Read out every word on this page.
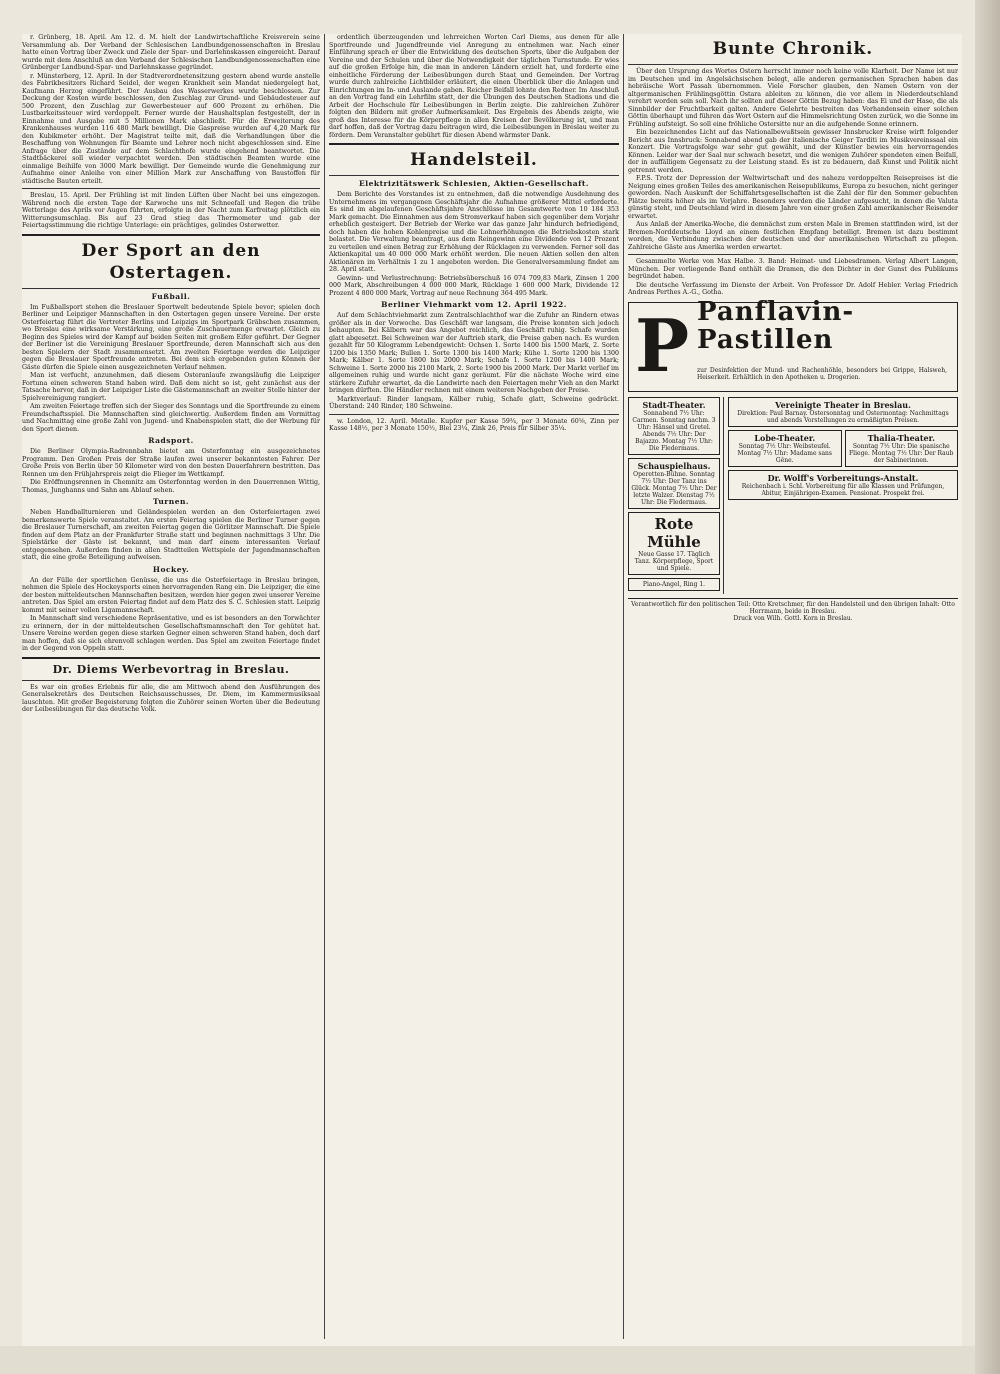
r. Grünberg, 18. April. Am 12. d. M. hielt der Landwirtschaftliche Kreisverein seine Versammlung ab. Der Verband der Schlesischen Landbundgenossenschaften in Breslau hatte einen Vortrag über Zweck und Ziele der Spar- und Darlehnskassen eingereicht. Darauf wurde mit dem Anschluß an den Verband der Schlesischen Landbundgenossenschaften eine Grünberger Landbund-Spar- und Darlehnskasse gegründet.

r. Münsterberg, 12. April. In der Stadtverordnetensitzung gestern abend wurde anstelle des Fabrikbesitzers Richard Seidel, der wegen Krankheit sein Mandat niedergelegt hat, Kaufmann Herzog eingeführt. Der Ausbau des Wasserwerkes wurde beschlossen. Zur Deckung der Kosten wurde beschlossen, den Zuschlag zur Grund- und Gebäudesteuer auf 500 Prozent, den Zuschlag zur Gewerbesteuer auf 600 Prozent zu erhöhen. Die Lustbarkeitssteuer wird verdoppelt. Ferner wurde der Haushaltsplan festgestellt, der in Einnahme und Ausgabe mit 5 Millionen Mark abschließt. Für die Erweiterung des Krankenhauses wurden 116 480 Mark bewilligt. Die Gaspreise wurden auf 4,20 Mark für den Kubikmeter erhöht. Der Magistrat teilte mit, daß die Verhandlungen über die Beschaffung von Wohnungen für Beamte und Lehrer noch nicht abgeschlossen sind. Eine Anfrage über die Zustände auf dem Schlachthofe wurde eingehend beantwortet. Die Stadtbäckerei soll wieder verpachtet werden. Den städtischen Beamten wurde eine einmalige Beihilfe von 3000 Mark bewilligt. Der Gemeinde wurde die Genehmigung zur Aufnahme einer Anleihe von einer Million Mark zur Anschaffung von Baustoffen für städtische Bauten erteilt.

Breslau, 15. April. Der Frühling ist mit linden Lüften über Nacht bei uns eingezogen. Während noch die ersten Tage der Karwoche uns mit Schneefall und Regen die trübe Wetterlage des Aprils vor Augen führten, erfolgte in der Nacht zum Karfreitag plötzlich ein Witterungsumschlag. Bis auf 23 Grad stieg das Thermometer und gab der Feiertagsstimmung die richtige Unterlage: ein prächtiges, gelindes Osterwetter.

Der Sport an den Ostertagen.
Fußball.

Im Fußballsport stehen die Breslauer Sportwelt bedeutende Spiele bevor; spielen doch Berliner und Leipziger Mannschaften in den Ostertagen gegen unsere Vereine. Der erste Osterfeiertag führt die Vertreter Berlins und Leipzigs im Sportpark Gräbschen zusammen, wo Breslau eine wirksame Verstärkung, eine große Zuschauermenge erwartet. Gleich zu Beginn des Spieles wird der Kampf auf beiden Seiten mit großem Eifer geführt. Der Gegner der Berliner ist die Vereinigung Breslauer Sportfreunde, deren Mannschaft sich aus den besten Spielern der Stadt zusammensetzt. Am zweiten Feiertage werden die Leipziger gegen die Breslauer Sportfreunde antreten. Bei dem sich ergebenden guten Können der Gäste dürfen die Spiele einen ausgezeichneten Verlauf nehmen.

Man ist verfucht, anzunehmen, daß diesem Osteranlaufe zwangsläufig die Leipziger Fortuna einen schweren Stand haben wird. Daß dem nicht so ist, geht zunächst aus der Tatsache hervor, daß in der Leipziger Liste die Gästemannschaft an zweiter Stelle hinter der Spielvereinigung rangiert.

Am zweiten Feiertage treffen sich der Sieger des Sonntags und die Sportfreunde zu einem Freundschaftsspiel. Die Mannschaften sind gleichwertig. Außerdem finden am Vormittag und Nachmittag eine große Zahl von Jugend- und Knabenspielen statt, die der Werbung für den Sport dienen.

Radsport.

Die Berliner Olympia-Radrennbahn bietet am Osterfonntag ein ausgezeichnetes Programm. Den Großen Preis der Straße laufen zwei unserer bekanntesten Fahrer. Der Große Preis von Berlin über 50 Kilometer wird von den besten Dauerfahrern bestritten. Das Rennen um den Frühjahrspreis zeigt die Flieger im Wettkampf.

Die Eröffnungsrennen in Chemnitz am Osterfonntag werden in den Dauerrennen Wittig, Thomas, Junghanns und Sahn am Ablauf sehen.

Turnen.

Neben Handballturnieren und Geländespielen werden an den Osterfeiertagen zwei bemerkenswerte Spiele veranstaltet. Am ersten Feiertag spielen die Berliner Turner gegen die Breslauer Turnerschaft, am zweiten Feiertag gegen die Görlitzer Mannschaft. Die Spiele finden auf dem Platz an der Frankfurter Straße statt und beginnen nachmittags 3 Uhr. Die Spielstärke der Gäste ist bekannt, und man darf einem interessanten Verlauf entgegensehen. Außerdem finden in allen Stadtteilen Wettspiele der Jugendmannschaften statt, die eine große Beteiligung aufweisen.

Hockey.

An der Fülle der sportlichen Genüsse, die uns die Osterfeiertage in Breslau bringen, nehmen die Spiele des Hockeysports einen hervorragenden Rang ein. Die Leipziger, die eine der besten mitteldeutschen Mannschaften besitzen, werden hier gegen zwei unserer Vereine antreten. Das Spiel am ersten Feiertag findet auf dem Platz des S. C. Schlesien statt. Leipzig kommt mit seiner vollen Ligamannschaft.

In Mannschaft sind verschiedene Repräsentative, und es ist besonders an den Torwächter zu erinnern, der in der mitteldeutschen Gesellschaftsmannschaft den Tor gehütet hat. Unsere Vereine werden gegen diese starken Gegner einen schweren Stand haben, doch darf man hoffen, daß sie sich ehrenvoll schlagen werden. Das Spiel am zweiten Feiertage findet in der Gegend von Oppeln statt.

Dr. Diems Werbevortrag in Breslau.

Es war ein großes Erlebnis für alle, die am Mittwoch abend den Ausführungen des Generalsekretärs des Deutschen Reichsausschusses, Dr. Diem, im Kammermusiksaal lauschten. Mit großer Begeisterung folgten die Zuhörer seinen Worten über die Bedeutung der Leibesübungen für das deutsche Volk.

ordentlich überzeugenden und lehrreichen Worten Carl Diems, aus denen für alle Sportfreunde und Jugendfreunde viel Anregung zu entnehmen war. Nach einer Einführung sprach er über die Entwicklung des deutschen Sports, über die Aufgaben der Vereine und der Schulen und über die Notwendigkeit der täglichen Turnstunde. Er wies auf die großen Erfolge hin, die man in anderen Ländern erzielt hat, und forderte eine einheitliche Förderung der Leibesübungen durch Staat und Gemeinden. Der Vortrag wurde durch zahlreiche Lichtbilder erläutert, die einen Überblick über die Anlagen und Einrichtungen im In- und Auslande gaben. Reicher Beifall lohnte den Redner. Im Anschluß an den Vortrag fand ein Lehrfilm statt, der die Übungen des Deutschen Stadions und die Arbeit der Hochschule für Leibesübungen in Berlin zeigte. Die zahlreichen Zuhörer folgten den Bildern mit großer Aufmerksamkeit. Das Ergebnis des Abends zeigte, wie groß das Interesse für die Körperpflege in allen Kreisen der Bevölkerung ist, und man darf hoffen, daß der Vortrag dazu beitragen wird, die Leibesübungen in Breslau weiter zu fördern. Dem Veranstalter gebührt für diesen Abend wärmster Dank.

Handelsteil.
Elektrizitätswerk Schlesien, Aktien-Gesellschaft.

Dem Berichte des Vorstandes ist zu entnehmen, daß die notwendige Ausdehnung des Unternehmens im vergangenen Geschäftsjahr die Aufnahme größerer Mittel erforderte. Es sind im abgelaufenen Geschäftsjahre Anschlüsse im Gesamtwerte von 10 184 353 Mark gemacht. Die Einnahmen aus dem Stromverkauf haben sich gegenüber dem Vorjahr erheblich gesteigert. Der Betrieb der Werke war das ganze Jahr hindurch befriedigend, doch haben die hohen Kohlenpreise und die Lohnerhöhungen die Betriebskosten stark belastet. Die Verwaltung beantragt, aus dem Reingewinn eine Dividende von 12 Prozent zu verteilen und einen Betrag zur Erhöhung der Rücklagen zu verwenden. Ferner soll das Aktienkapital um 40 000 000 Mark erhöht werden. Die neuen Aktien sollen den alten Aktionären im Verhältnis 1 zu 1 angeboten werden. Die Generalversammlung findet am 28. April statt.

Gewinn- und Verlustrechnung: Betriebsüberschuß 16 074 709,83 Mark, Zinsen 1 200 000 Mark, Abschreibungen 4 000 000 Mark, Rücklage 1 600 000 Mark, Dividende 12 Prozent 4 800 000 Mark, Vortrag auf neue Rechnung 364 495 Mark.

Berliner Viehmarkt vom 12. April 1922.

Auf dem Schlachtviehmarkt zum Zentralschlachthof war die Zufuhr an Rindern etwas größer als in der Vorwoche. Das Geschäft war langsam, die Preise konnten sich jedoch behaupten. Bei Kälbern war das Angebot reichlich, das Geschäft ruhig. Schafe wurden glatt abgesetzt. Bei Schweinen war der Auftrieb stark, die Preise gaben nach. Es wurden gezahlt für 50 Kilogramm Lebendgewicht: Ochsen 1. Sorte 1400 bis 1500 Mark, 2. Sorte 1200 bis 1350 Mark; Bullen 1. Sorte 1300 bis 1400 Mark; Kühe 1. Sorte 1200 bis 1300 Mark; Kälber 1. Sorte 1800 bis 2000 Mark; Schafe 1. Sorte 1200 bis 1400 Mark; Schweine 1. Sorte 2000 bis 2100 Mark, 2. Sorte 1900 bis 2000 Mark. Der Markt verlief im allgemeinen ruhig und wurde nicht ganz geräumt. Für die nächste Woche wird eine stärkere Zufuhr erwartet, da die Landwirte nach den Feiertagen mehr Vieh an den Markt bringen dürften. Die Händler rechnen mit einem weiteren Nachgeben der Preise.

Marktverlauf: Rinder langsam, Kälber ruhig, Schafe glatt, Schweine gedrückt. Überstand: 240 Rinder, 180 Schweine.

w. London, 12. April. Metalle. Kupfer per Kasse 59¾, per 3 Monate 60⅛, Zinn per Kasse 148½, per 3 Monate 150½, Blei 23¼, Zink 26, Preis für Silber 35¼.

Bunte Chronik.

Über den Ursprung des Wortes Ostern herrscht immer noch keine volle Klarheit. Der Name ist nur im Deutschen und im Angelsächsischen belegt, alle anderen germanischen Sprachen haben das hebräische Wort Passah übernommen. Viele Forscher glauben, den Namen Ostern von der altgermanischen Frühlingsgöttin Ostara ableiten zu können, die vor allem in Niederdeutschland verehrt worden sein soll. Nach ihr sollten auf dieser Göttin Bezug haben: das Ei und der Hase, die als Sinnbilder der Fruchtbarkeit galten. Andere Gelehrte bestreiten das Vorhandensein einer solchen Göttin überhaupt und führen das Wort Ostern auf die Himmelsrichtung Osten zurück, wo die Sonne im Frühling aufsteigt. So soll eine fröhliche Ostersitte nur an die aufgehende Sonne erinnern.

Ein bezeichnendes Licht auf das Nationalbewußtsein gewisser Innsbrucker Kreise wirft folgender Bericht aus Innsbruck: Sonnabend abend gab der italienische Geiger Tarditi im Musikvereinssaal ein Konzert. Die Vortragsfolge war sehr gut gewählt, und der Künstler bewies ein hervorragendes Können. Leider war der Saal nur schwach besetzt, und die wenigen Zuhörer spendeten einen Beifall, der in auffälligem Gegensatz zu der Leistung stand. Es ist zu bedauern, daß Kunst und Politik nicht getrennt werden.

F.P.S. Trotz der Depression der Weltwirtschaft und des nahezu verdoppelten Reisepreises ist die Neigung eines großen Teiles des amerikanischen Reisepublikums, Europa zu besuchen, nicht geringer geworden. Nach Auskunft der Schiffahrtsgesellschaften ist die Zahl der für den Sommer gebuchten Plätze bereits höher als im Vorjahre. Besonders werden die Länder aufgesucht, in denen die Valuta günstig steht, und Deutschland wird in diesem Jahre von einer großen Zahl amerikanischer Reisender erwartet.

Aus Anlaß der Amerika-Woche, die demnächst zum ersten Male in Bremen stattfinden wird, ist der Bremen-Norddeutsche Lloyd an einem festlichen Empfang beteiligt. Bremen ist dazu bestimmt worden, die Verbindung zwischen der deutschen und der amerikanischen Wirtschaft zu pflegen. Zahlreiche Gäste aus Amerika werden erwartet.

Gesammelte Werke von Max Halbe. 3. Band: Heimat- und Liebesdramen. Verlag Albert Langen, München. Der vorliegende Band enthält die Dramen, die den Dichter in der Gunst des Publikums begründet haben.

Die deutsche Verfassung im Dienste der Arbeit. Von Professor Dr. Adolf Hebler. Verlag Friedrich Andreas Perthes A.-G., Gotha.

P Panflavin-
Pastillen
zur Desinfektion der Mund- und Rachenhöhle, besonders bei Grippe, Halsweh, Heiserkeit. Erhältlich in den Apotheken u. Drogerien.
Stadt-Theater.
Sonnabend 7½ Uhr: Carmen. Sonntag nachm. 3 Uhr: Hänsel und Gretel. Abends 7½ Uhr: Der Bajazzo. Montag 7½ Uhr: Die Fledermaus.
Schauspielhaus.
Operetten-Bühne. Sonntag 7½ Uhr: Der Tanz ins Glück. Montag 7½ Uhr: Der letzte Walzer. Dienstag 7½ Uhr: Die Fledermaus.
Rote Mühle
Neue Gasse 17. Täglich Tanz. Körperpflege, Sport und Spiele.
Piano-Angel, Ring 1.
Vereinigte Theater in Breslau.
Direktion: Paul Barnay. Ostersonntag und Ostermontag: Nachmittags und abends Vorstellungen zu ermäßigten Preisen.
Lobe-Theater.
Sonntag 7½ Uhr: Weibsteufel. Montag 7½ Uhr: Madame sans Gêne.
Thalia-Theater.
Sonntag 7½ Uhr: Die spanische Fliege. Montag 7½ Uhr: Der Raub der Sabinerinnen.
Dr. Wolff's Vorbereitungs-Anstalt.
Reichenbach i. Schl. Vorbereitung für alle Klassen und Prüfungen, Abitur, Einjährigen-Examen. Pensionat. Prospekt frei.
Verantwortlich für den politischen Teil: Otto Kretschmer, für den Handelsteil und den übrigen Inhalt: Otto Herrmann, beide in Breslau.
Druck von Wilh. Gottl. Korn in Breslau.
